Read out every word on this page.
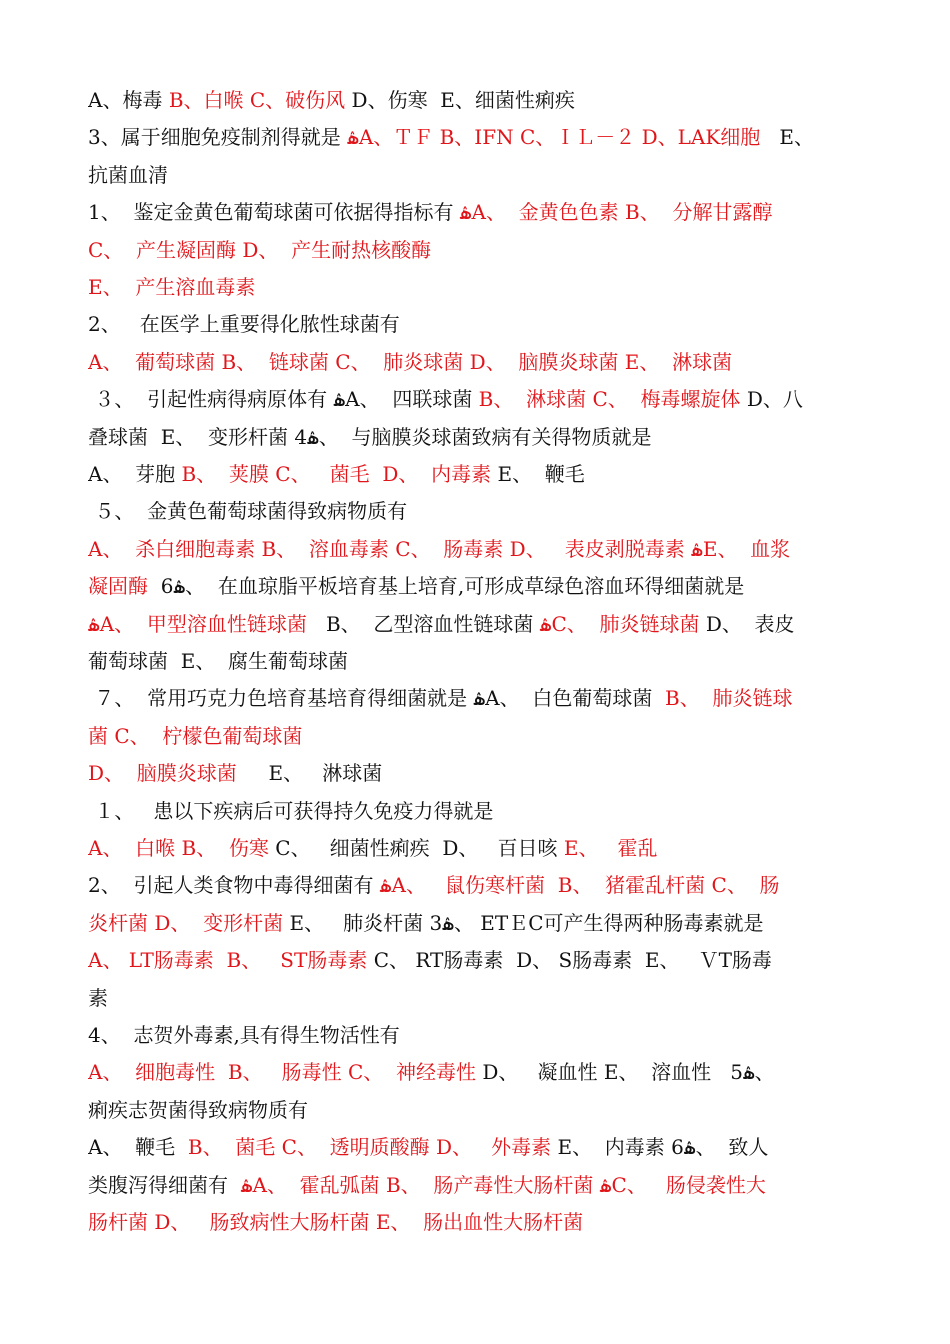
A、梅毒 B、白喉 C、破伤风 D、伤寒  E、细菌性痢疾
3、属于细胞免疫制剂得就是 ۿA、ＴＦ B、IFN C、ＩＬ－２ D、LAK细胞   E、
抗菌血清
1、  鉴定金黄色葡萄球菌可依据得指标有 ۿA、  金黄色色素 B、  分解甘露醇
C、  产生凝固酶 D、  产生耐热核酸酶
E、  产生溶血毒素
2、   在医学上重要得化脓性球菌有
A、  葡萄球菌 B、  链球菌 C、  肺炎球菌 D、  脑膜炎球菌 E、  淋球菌
３、  引起性病得病原体有 ۿA、  四联球菌 B、  淋球菌 C、  梅毒螺旋体 D、八
叠球菌  E、  变形杆菌 4ۿ、  与脑膜炎球菌致病有关得物质就是
A、  芽胞 B、  荚膜 C、   菌毛  D、  内毒素 E、  鞭毛
５、  金黄色葡萄球菌得致病物质有
A、  杀白细胞毒素 B、  溶血毒素 C、  肠毒素 D、   表皮剥脱毒素 ۿE、  血浆
凝固酶  6ۿ、  在血琼脂平板培育基上培育,可形成草绿色溶血环得细菌就是
ۿA、  甲型溶血性链球菌   B、  乙型溶血性链球菌 ۿC、  肺炎链球菌 D、  表皮
葡萄球菌  E、  腐生葡萄球菌
７、  常用巧克力色培育基培育得细菌就是 ۿA、  白色葡萄球菌  B、  肺炎链球
菌 C、  柠檬色葡萄球菌
D、  脑膜炎球菌     E、   淋球菌
１、   患以下疾病后可获得持久免疫力得就是
A、  白喉 B、  伤寒 C、   细菌性痢疾  D、   百日咳 E、   霍乱
2、  引起人类食物中毒得细菌有 ۿA、   鼠伤寒杆菌  B、  猪霍乱杆菌 C、  肠
炎杆菌 D、  变形杆菌 E、   肺炎杆菌 3ۿ、 ETＥC可产生得两种肠毒素就是
A、 LT肠毒素  B、   ST肠毒素 C、 RT肠毒素  D、 S肠毒素  E、   ＶT肠毒
素
4、  志贺外毒素,具有得生物活性有
A、  细胞毒性  B、   肠毒性 C、  神经毒性 D、   凝血性 E、  溶血性   5ۿ、
痢疾志贺菌得致病物质有
A、  鞭毛  B、  菌毛 C、  透明质酸酶 D、   外毒素 E、  内毒素 6ۿ、  致人
类腹泻得细菌有  ۿA、  霍乱弧菌 B、  肠产毒性大肠杆菌 ۿC、   肠侵袭性大
肠杆菌 D、   肠致病性大肠杆菌 E、  肠出血性大肠杆菌
